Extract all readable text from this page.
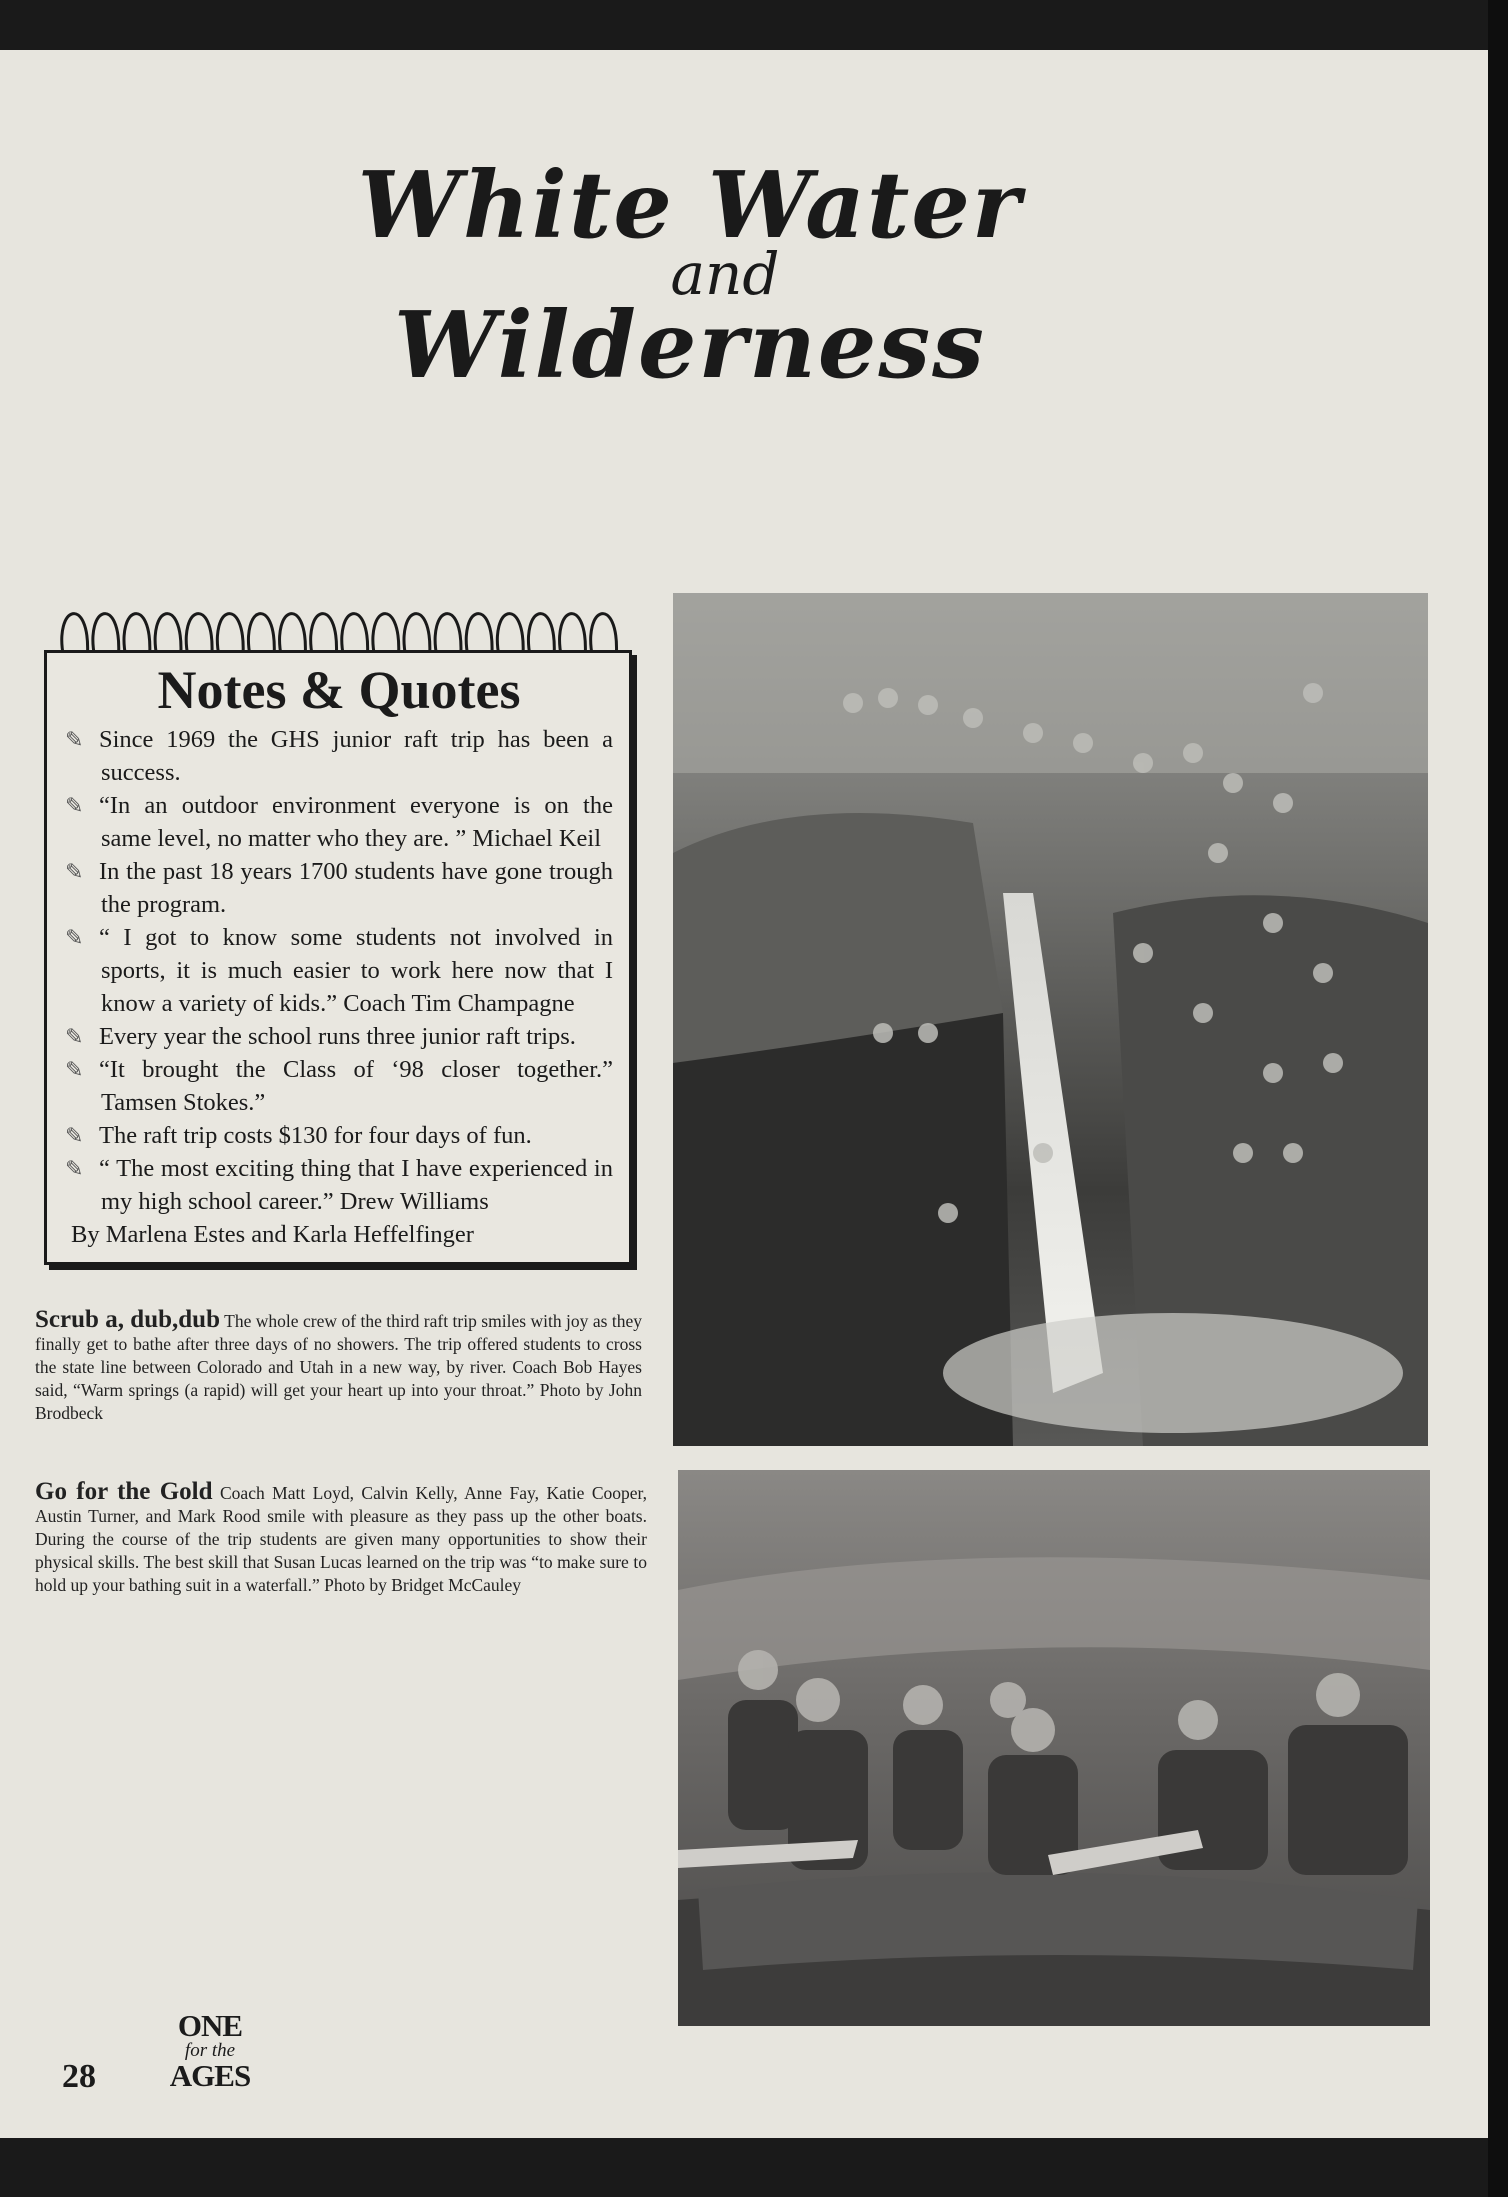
White Water
and
Wilderness
Notes & Quotes
✎ Since 1969 the GHS junior raft trip has been a success.
✎ “In an outdoor environment everyone is on the same level, no matter who they are. ” Michael Keil
✎ In the past 18 years 1700 students have gone trough the program.
✎ “ I got to know some students not involved in sports, it is much easier to work here now that I know a variety of kids.” Coach Tim Champagne
✎ Every year the school runs three junior raft trips.
✎ “It brought the Class of ‘98 closer together.” Tamsen Stokes.”
✎ The raft trip costs $130 for four days of fun.
✎ “ The most exciting thing that I have experienced in my high school career.” Drew Williams
By Marlena Estes and Karla Heffelfinger
Scrub a, dub,dub The whole crew of the third raft trip smiles with joy as they finally get to bathe after three days of no showers. The trip offered students to cross the state line between Colorado and Utah in a new way, by river. Coach Bob Hayes said, “Warm springs (a rapid) will get your heart up into your throat.” Photo by John Brodbeck
Go for the Gold Coach Matt Loyd, Calvin Kelly, Anne Fay, Katie Cooper, Austin Turner, and Mark Rood smile with pleasure as they pass up the other boats. During the course of the trip students are given many opportunities to show their physical skills. The best skill that Susan Lucas learned on the trip was “to make sure to hold up your bathing suit in a waterfall.” Photo by Bridget McCauley
28
ONE
for the
AGES
